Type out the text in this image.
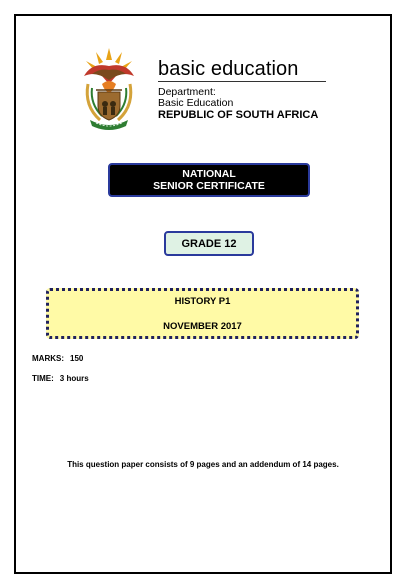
basic education
Department:
Basic Education
REPUBLIC OF SOUTH AFRICA
NATIONAL
SENIOR CERTIFICATE
GRADE 12
HISTORY P1
NOVEMBER 2017
MARKS: 150
TIME: 3 hours
This question paper consists of 9 pages and an addendum of 14 pages.
